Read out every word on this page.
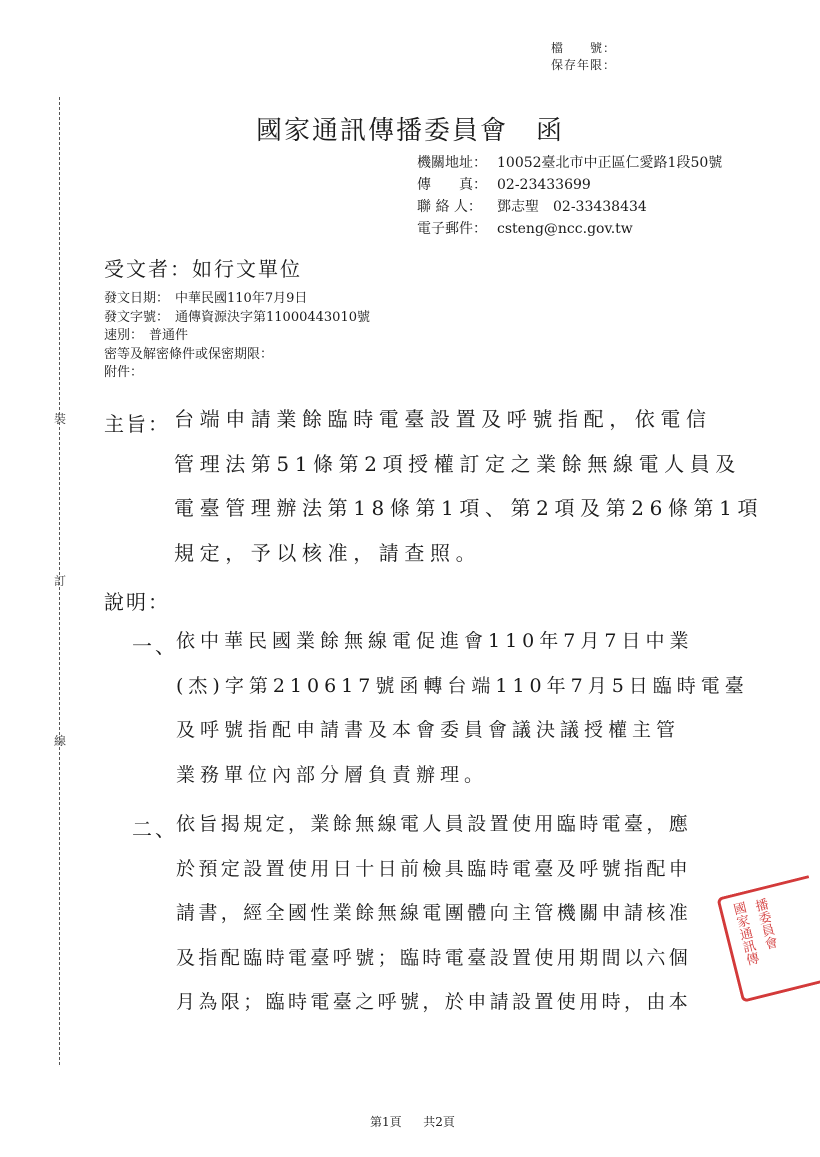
檔　　號：
保存年限：
裝
訂
線
國家通訊傳播委員會　函
機關地址： 10052臺北市中正區仁愛路1段50號
傳　　真： 02-23433699
聯 絡 人：	鄧志聖　02-33438434
電子郵件： csteng@ncc.gov.tw
受文者：如行文單位
發文日期： 中華民國110年7月9日
發文字號： 通傳資源決字第11000443010號
速別： 普通件
密等及解密條件或保密期限：
附件：
主旨： 台端申請業餘臨時電臺設置及呼號指配，依電信
管理法第51條第2項授權訂定之業餘無線電人員及
電臺管理辦法第18條第1項、第2項及第26條第1項
規定，予以核准，請查照。
說明：
一、
依中華民國業餘無線電促進會110年7月7日中業
(杰)字第210617號函轉台端110年7月5日臨時電臺
及呼號指配申請書及本會委員會議決議授權主管
業務單位內部分層負責辦理。
二、
依旨揭規定，業餘無線電人員設置使用臨時電臺，應
於預定設置使用日十日前檢具臨時電臺及呼號指配申
請書，經全國性業餘無線電團體向主管機關申請核准
及指配臨時電臺呼號；臨時電臺設置使用期間以六個
月為限；臨時電臺之呼號，於申請設置使用時，由本
國家通訊傳
播委員會
第1頁 共2頁
